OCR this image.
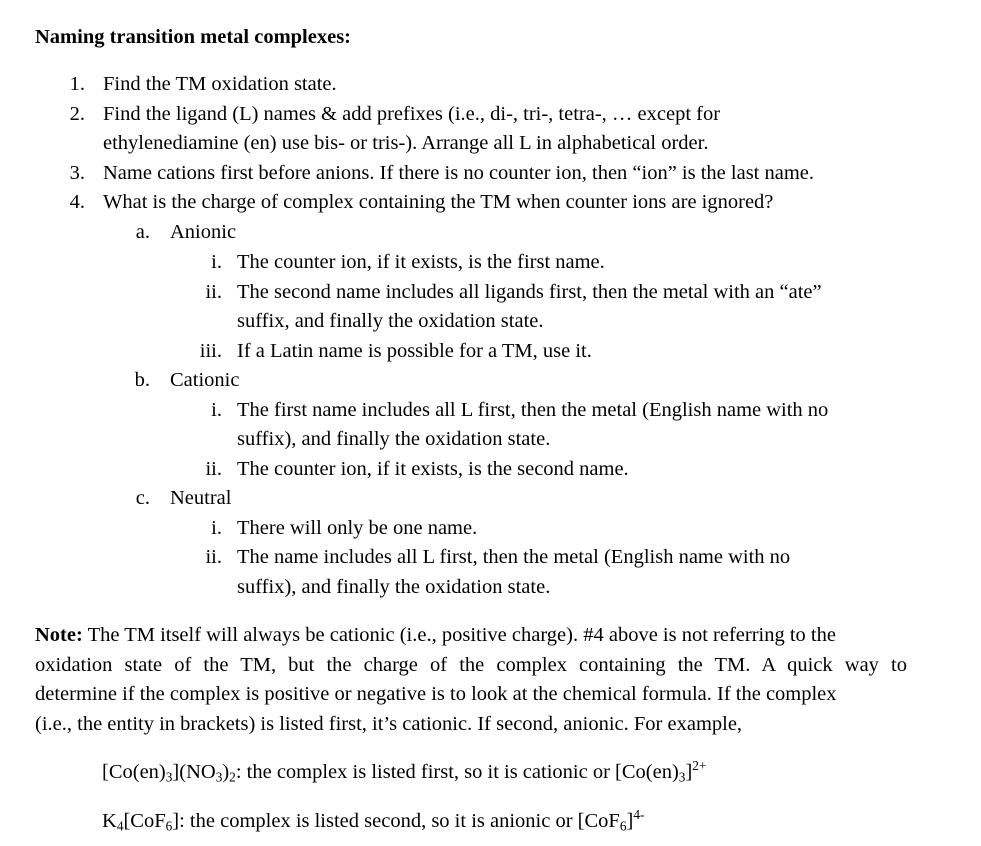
Naming transition metal complexes:
1. Find the TM oxidation state.
2. Find the ligand (L) names & add prefixes (i.e., di-, tri-, tetra-, … except for
ethylenediamine (en) use bis- or tris-). Arrange all L in alphabetical order.
3. Name cations first before anions. If there is no counter ion, then “ion” is the last name.
4. What is the charge of complex containing the TM when counter ions are ignored?
a. Anionic
i. The counter ion, if it exists, is the first name.
ii. The second name includes all ligands first, then the metal with an “ate”
suffix, and finally the oxidation state.
iii. If a Latin name is possible for a TM, use it.
b. Cationic
i. The first name includes all L first, then the metal (English name with no
suffix), and finally the oxidation state.
ii. The counter ion, if it exists, is the second name.
c. Neutral
i. There will only be one name.
ii. The name includes all L first, then the metal (English name with no
suffix), and finally the oxidation state.
Note: The TM itself will always be cationic (i.e., positive charge). #4 above is not referring to the
oxidation state of the TM, but the charge of the complex containing the TM. A quick way to
determine if the complex is positive or negative is to look at the chemical formula. If the complex
(i.e., the entity in brackets) is listed first, it’s cationic. If second, anionic. For example,
$[Co(en)_3](NO_3)_2$: the complex is listed first, so it is cationic or $[Co(en)_3]^{2+}$
$K_4[CoF_6]$: the complex is listed second, so it is anionic or $[CoF_6]^{4-}$
